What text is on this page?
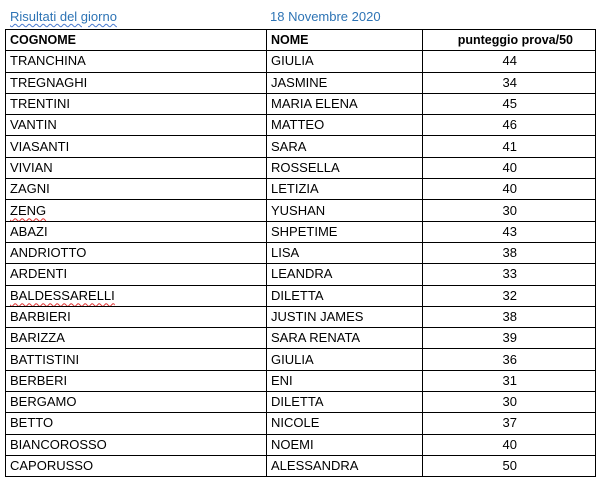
Risultati del giorno	18 Novembre 2020
COGNOME	NOME	punteggio prova/50
TRANCHINA	GIULIA	44
TREGNAGHI	JASMINE	34
TRENTINI	MARIA ELENA	45
VANTIN	MATTEO	46
VIASANTI	SARA	41
VIVIAN	ROSSELLA	40
ZAGNI	LETIZIA	40
ZENG	YUSHAN	30
ABAZI	SHPETIME	43
ANDRIOTTO	LISA	38
ARDENTI	LEANDRA	33
BALDESSARELLI	DILETTA	32
BARBIERI	JUSTIN JAMES	38
BARIZZA	SARA RENATA	39
BATTISTINI	GIULIA	36
BERBERI	ENI	31
BERGAMO	DILETTA	30
BETTO	NICOLE	37
BIANCOROSSO	NOEMI	40
CAPORUSSO	ALESSANDRA	50
